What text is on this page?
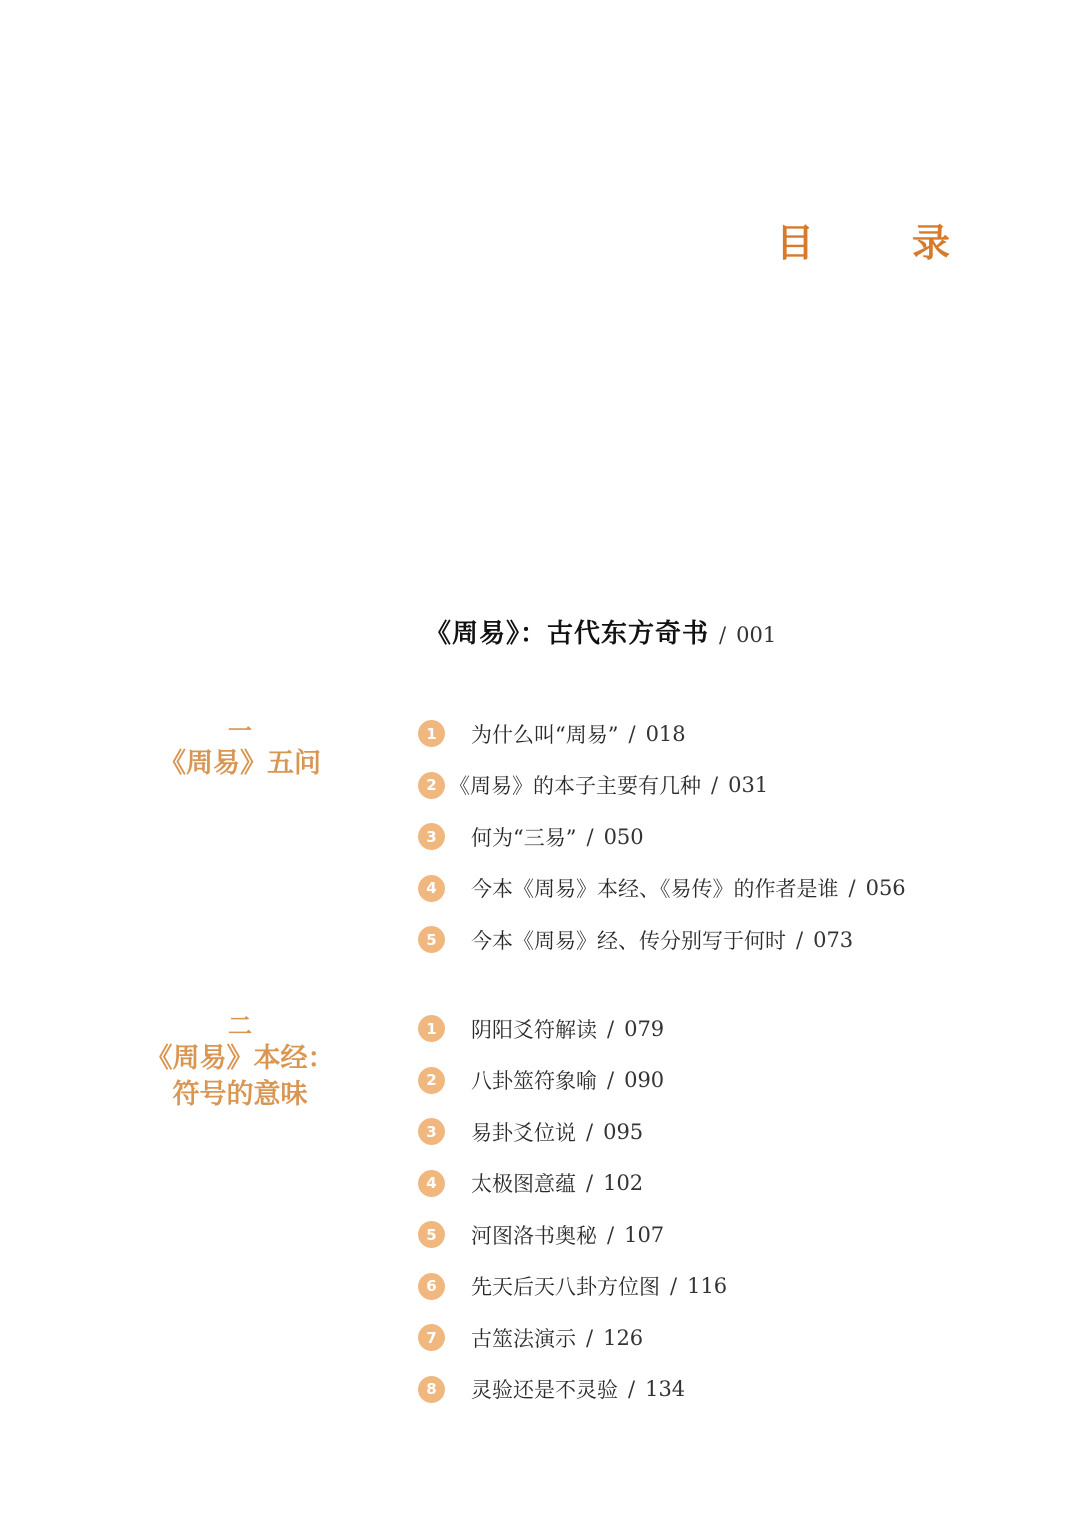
目　录
《周易》：古代东方奇书 / 001
一
《周易》五问
1	为什么叫“周易” / 018
2 《周易》的本子主要有几种 / 031
3	何为“三易” / 050
4	今本《周易》本经、《易传》的作者是谁 / 056
5	今本《周易》经、传分别写于何时 / 073
二
《周易》本经：
符号的意味
1	阴阳爻符解读 / 079
2	八卦筮符象喻 / 090
3	易卦爻位说 / 095
4	太极图意蕴 / 102
5	河图洛书奥秘 / 107
6	先天后天八卦方位图 / 116
7	古筮法演示 / 126
8	灵验还是不灵验 / 134
